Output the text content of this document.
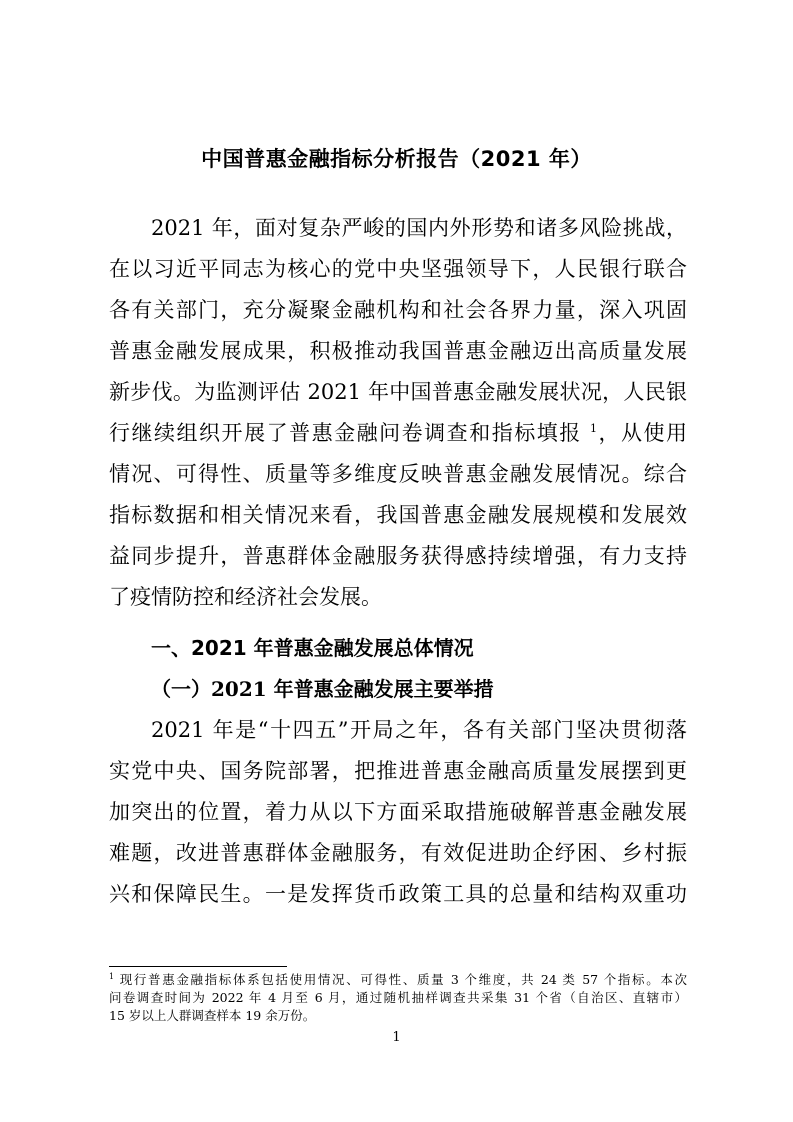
中国普惠金融指标分析报告（2021 年）
2021 年，面对复杂严峻的国内外形势和诸多风险挑战，
在以习近平同志为核心的党中央坚强领导下，人民银行联合
各有关部门，充分凝聚金融机构和社会各界力量，深入巩固
普惠金融发展成果，积极推动我国普惠金融迈出高质量发展
新步伐。为监测评估 2021 年中国普惠金融发展状况，人民银
行继续组织开展了普惠金融问卷调查和指标填报 $^1$，从使用
情况、可得性、质量等多维度反映普惠金融发展情况。综合
指标数据和相关情况来看，我国普惠金融发展规模和发展效
益同步提升，普惠群体金融服务获得感持续增强，有力支持
了疫情防控和经济社会发展。
一、2021 年普惠金融发展总体情况
（一）2021 年普惠金融发展主要举措
2021 年是“十四五”开局之年，各有关部门坚决贯彻落
实党中央、国务院部署，把推进普惠金融高质量发展摆到更
加突出的位置，着力从以下方面采取措施破解普惠金融发展
难题，改进普惠群体金融服务，有效促进助企纾困、乡村振
兴和保障民生。一是发挥货币政策工具的总量和结构双重功
$^1$ 现行普惠金融指标体系包括使用情况、可得性、质量 3 个维度，共 24 类 57 个指标。本次
问卷调查时间为 2022 年 4 月至 6 月，通过随机抽样调查共采集 31 个省（自治区、直辖市）
15 岁以上人群调查样本 19 余万份。
1
